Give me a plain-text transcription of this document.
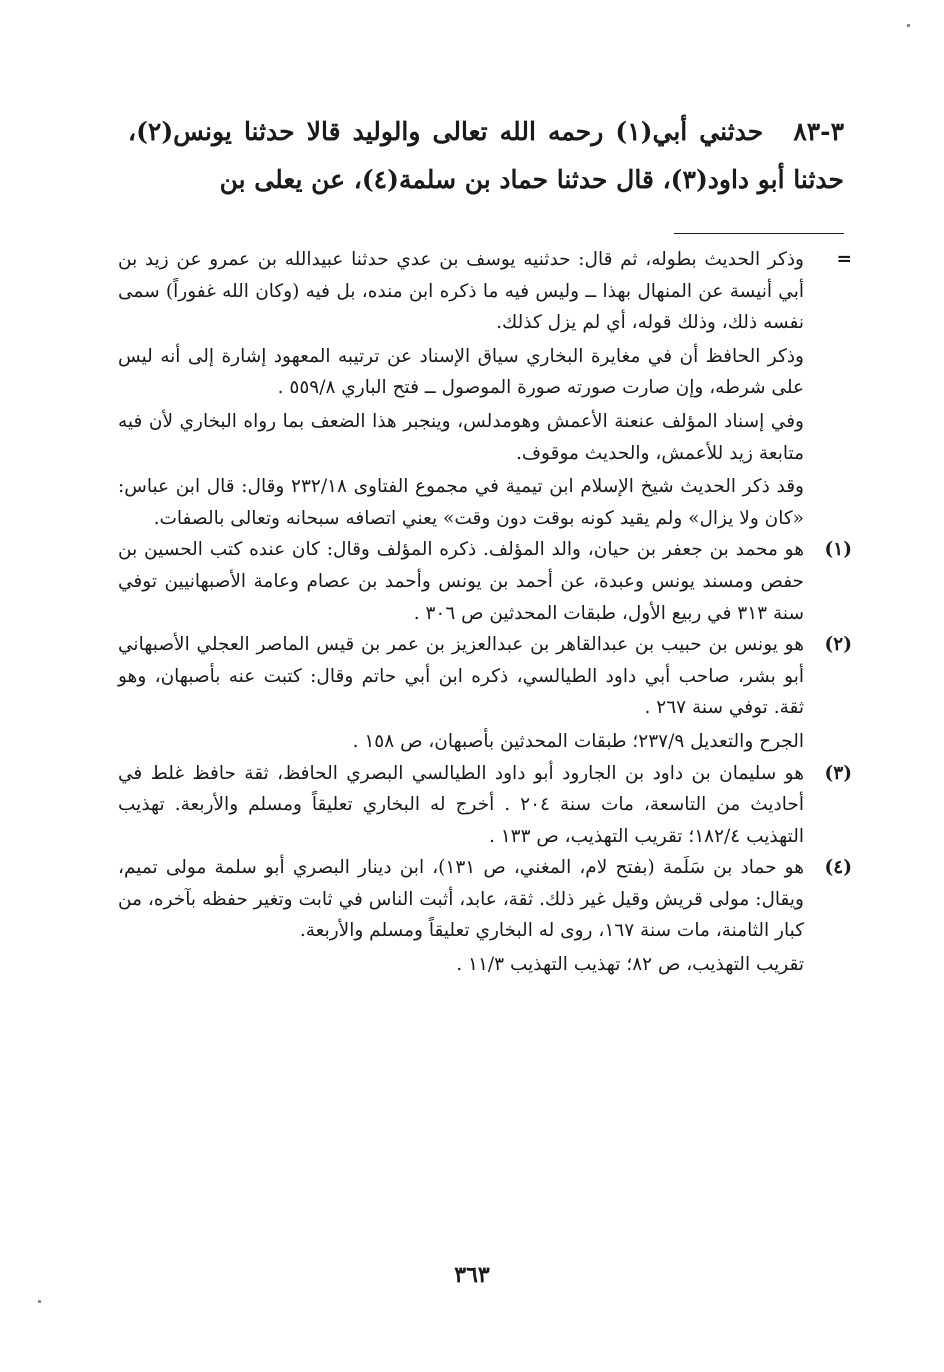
٣-٨٣ حدثني أبي(١) رحمه الله تعالى والوليد قالا حدثنا يونس(٢)، حدثنا أبو داود(٣)، قال حدثنا حماد بن سلمة(٤)، عن يعلى بن
=

وذكر الحديث بطوله، ثم قال: حدثنيه يوسف بن عدي حدثنا عبيدالله بن عمرو عن زيد بن أبي أنيسة عن المنهال بهذا ــ وليس فيه ما ذكره ابن منده، بل فيه (وكان الله غفوراً) سمى نفسه ذلك، وذلك قوله، أي لم يزل كذلك.

وذكر الحافظ أن في مغايرة البخاري سياق الإسناد عن ترتيبه المعهود إشارة إلى أنه ليس على شرطه، وإن صارت صورته صورة الموصول ــ فتح الباري ٥٥٩/٨ .

وفي إسناد المؤلف عنعنة الأعمش وهومدلس، وينجبر هذا الضعف بما رواه البخاري لأن فيه متابعة زيد للأعمش، والحديث موقوف.

وقد ذكر الحديث شيخ الإسلام ابن تيمية في مجموع الفتاوى ٢٣٢/١٨ وقال: قال ابن عباس: «كان ولا يزال» ولم يقيد كونه بوقت دون وقت» يعني اتصافه سبحانه وتعالى بالصفات.

(١)

هو محمد بن جعفر بن حيان، والد المؤلف. ذكره المؤلف وقال: كان عنده كتب الحسين بن حفص ومسند يونس وعبدة، عن أحمد بن يونس وأحمد بن عصام وعامة الأصبهانيين توفي سنة ٣١٣ في ربيع الأول، طبقات المحدثين ص ٣٠٦ .

(٢)

هو يونس بن حبيب بن عبدالقاهر بن عبدالعزيز بن عمر بن قيس الماصر العجلي الأصبهاني أبو بشر، صاحب أبي داود الطيالسي، ذكره ابن أبي حاتم وقال: كتبت عنه بأصبهان، وهو ثقة. توفي سنة ٢٦٧ .

الجرح والتعديل ٢٣٧/٩؛ طبقات المحدثين بأصبهان، ص ١٥٨ .

(٣)

هو سليمان بن داود بن الجارود أبو داود الطيالسي البصري الحافظ، ثقة حافظ غلط في أحاديث من التاسعة، مات سنة ٢٠٤ . أخرج له البخاري تعليقاً ومسلم والأربعة. تهذيب التهذيب ١٨٢/٤؛ تقريب التهذيب، ص ١٣٣ .

(٤)

هو حماد بن سَلَمة (بفتح لام، المغني، ص ١٣١)، ابن دينار البصري أبو سلمة مولى تميم، ويقال: مولى قريش وقيل غير ذلك. ثقة، عابد، أثبت الناس في ثابت وتغير حفظه بآخره، من كبار الثامنة، مات سنة ١٦٧، روى له البخاري تعليقاً ومسلم والأربعة.

تقريب التهذيب، ص ٨٢؛ تهذيب التهذيب ١١/٣ .

٣٦٣
